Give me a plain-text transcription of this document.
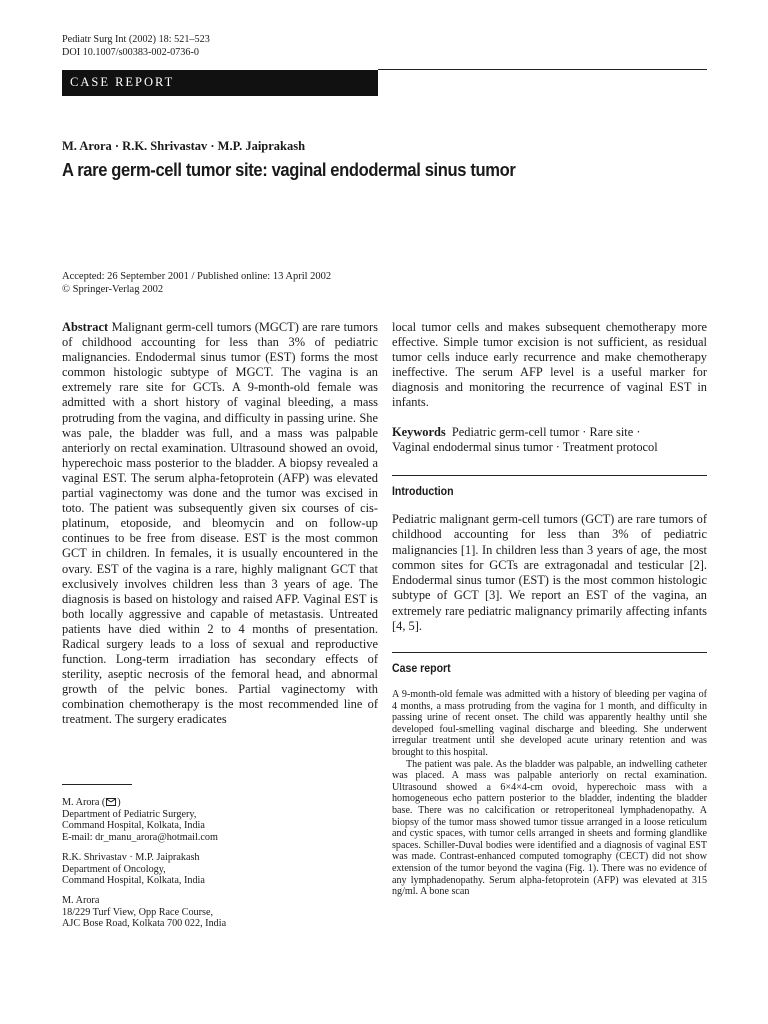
Pediatr Surg Int (2002) 18: 521–523
DOI 10.1007/s00383-002-0736-0
CASE REPORT
M. Arora · R.K. Shrivastav · M.P. Jaiprakash
A rare germ-cell tumor site: vaginal endodermal sinus tumor
Accepted: 26 September 2001 / Published online: 13 April 2002
© Springer-Verlag 2002
Abstract Malignant germ-cell tumors (MGCT) are rare tumors of childhood accounting for less than 3% of pediatric malignancies. Endodermal sinus tumor (EST) forms the most common histologic subtype of MGCT. The vagina is an extremely rare site for GCTs. A 9-month-old female was admitted with a short history of vaginal bleeding, a mass protruding from the vagina, and difficulty in passing urine. She was pale, the bladder was full, and a mass was palpable anteriorly on rectal examination. Ultrasound showed an ovoid, hyperechoic mass posterior to the bladder. A biopsy revealed a vaginal EST. The serum alpha-fetoprotein (AFP) was elevated partial vaginectomy was done and the tumor was excised in toto. The patient was subsequently given six courses of cis-platinum, etoposide, and bleomycin and on follow-up continues to be free from disease. EST is the most common GCT in children. In females, it is usually encountered in the ovary. EST of the vagina is a rare, highly malignant GCT that exclusively involves children less than 3 years of age. The diagnosis is based on histology and raised AFP. Vaginal EST is both locally aggressive and capable of metastasis. Untreated patients have died within 2 to 4 months of presentation. Radical surgery leads to a loss of sexual and reproductive function. Long-term irradiation has secondary effects of sterility, aseptic necrosis of the femoral head, and abnormal growth of the pelvic bones. Partial vaginectomy with combination chemotherapy is the most recommended line of treatment. The surgery eradicates
local tumor cells and makes subsequent chemotherapy more effective. Simple tumor excision is not sufficient, as residual tumor cells induce early recurrence and make chemotherapy ineffective. The serum AFP level is a useful marker for diagnosis and monitoring the recurrence of vaginal EST in infants.
Keywords Pediatric germ-cell tumor · Rare site ·
Vaginal endodermal sinus tumor · Treatment protocol
Introduction
Pediatric malignant germ-cell tumors (GCT) are rare tumors of childhood accounting for less than 3% of pediatric malignancies [1]. In children less than 3 years of age, the most common sites for GCTs are extragonadal and testicular [2]. Endodermal sinus tumor (EST) is the most common histologic subtype of GCT [3]. We report an EST of the vagina, an extremely rare pediatric malignancy primarily affecting infants [4, 5].
Case report
A 9-month-old female was admitted with a history of bleeding per vagina of 4 months, a mass protruding from the vagina for 1 month, and difficulty in passing urine of recent onset. The child was apparently healthy until she developed foul-smelling vaginal discharge and bleeding. She underwent irregular treatment until she developed acute urinary retention and was brought to this hospital.
The patient was pale. As the bladder was palpable, an indwelling catheter was placed. A mass was palpable anteriorly on rectal examination. Ultrasound showed a 6×4×4-cm ovoid, hyperechoic mass with a homogeneous echo pattern posterior to the bladder, indenting the bladder base. There was no calcification or retroperitoneal lymphadenopathy. A biopsy of the tumor mass showed tumor tissue arranged in a loose reticulum and cystic spaces, with tumor cells arranged in sheets and forming glandlike spaces. Schiller-Duval bodies were identified and a diagnosis of vaginal EST was made. Contrast-enhanced computed tomography (CECT) did not show extension of the tumor beyond the vagina (Fig. 1). There was no evidence of any lymphadenopathy. Serum alpha-fetoprotein (AFP) was elevated at 315 ng/ml. A bone scan
M. Arora ( )
Department of Pediatric Surgery,
Command Hospital, Kolkata, India
E-mail: dr_manu_arora@hotmail.com
R.K. Shrivastav · M.P. Jaiprakash
Department of Oncology,
Command Hospital, Kolkata, India
M. Arora
18/229 Turf View, Opp Race Course,
AJC Bose Road, Kolkata 700 022, India
